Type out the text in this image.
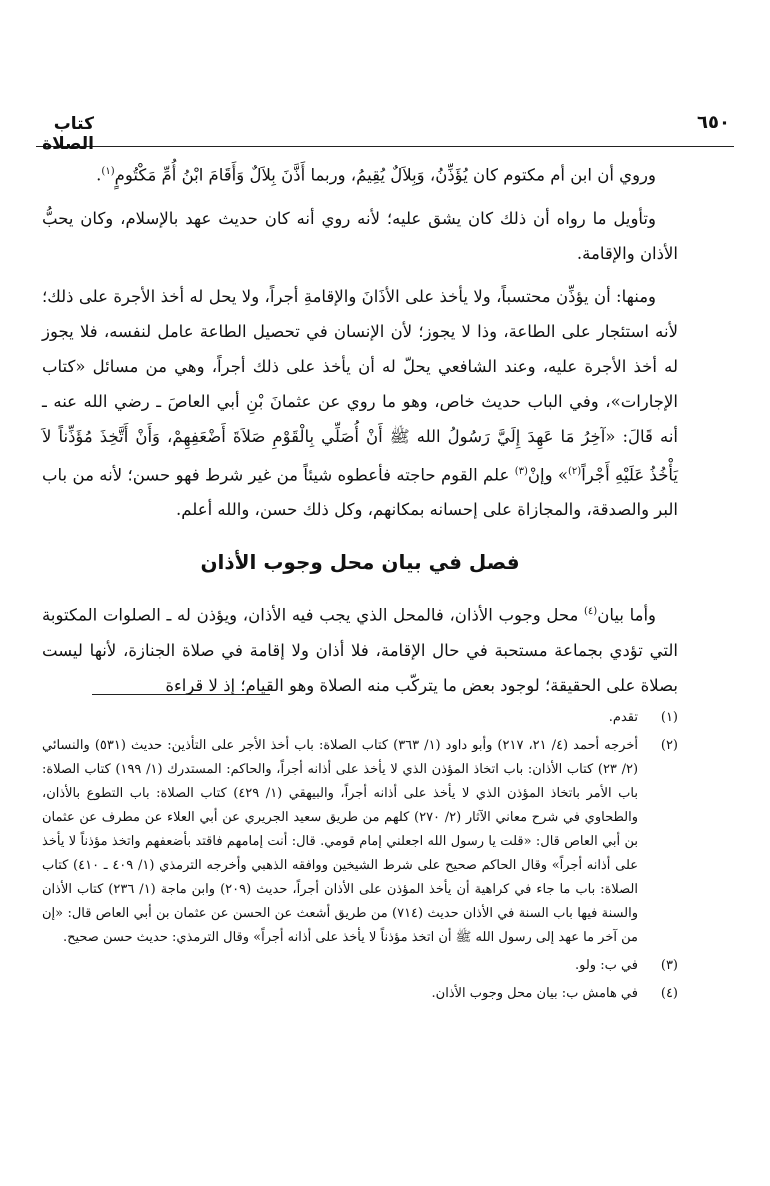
٦٥٠
كتاب الصلاة

وروي أن ابن أم مكتوم كان يُؤَذِّنُ، وَبِلاَلٌ يُقِيمُ، وربما أَذَّنَ بِلاَلٌ وَأَقَامَ ابْنُ أُمِّ مَكْتُومٍ$^{(١)}$.

وتأويل ما رواه أن ذلك كان يشق عليه؛ لأنه روي أنه كان حديث عهد بالإسلام، وكان يحبُّ الأذان والإقامة.

ومنها: أن يؤذِّن محتسباً، ولا يأخذ على الأذَانَ والإقامةِ أجراً، ولا يحل له أخذ الأجرة على ذلك؛ لأنه استئجار على الطاعة، وذا لا يجوز؛ لأن الإنسان في تحصيل الطاعة عامل لنفسه، فلا يجوز له أخذ الأجرة عليه، وعند الشافعي يحلّ له أن يأخذ على ذلك أجراً، وهي من مسائل «كتاب الإجارات»، وفي الباب حديث خاص، وهو ما روي عن عثمانَ بْنِ أبي العاصَ ـ رضي الله عنه ـ أنه قَالَ: «آخِرُ مَا عَهِدَ إِلَيَّ رَسُولُ الله ﷺ أَنْ أُصَلِّي بِالْقَوْمِ صَلاَةَ أَضْعَفِهِمْ، وَأَنْ أَتَّخِذَ مُؤَذِّناً لاَ يَأْخُذُ عَلَيْهِ أَجْراً$^{(٢)}$» وإنْ$^{(٣)}$ علم القوم حاجته فأعطوه شيئاً من غير شرط فهو حسن؛ لأنه من باب البر والصدقة، والمجازاة على إحسانه بمكانهم، وكل ذلك حسن، والله أعلم.

فصل في بيان محل وجوب الأذان

وأما بيان$^{(٤)}$ محل وجوب الأذان، فالمحل الذي يجب فيه الأذان، ويؤذن له ـ الصلوات المكتوبة التي تؤدي بجماعة مستحبة في حال الإقامة، فلا أذان ولا إقامة في صلاة الجنازة، لأنها ليست بصلاة على الحقيقة؛ لوجود بعض ما يتركّب منه الصلاة وهو القيام؛ إذ لا قراءة

(١)
تقدم.
(٢)
أخرجه أحمد (٤/ ٢١، ٢١٧) وأبو داود (١/ ٣٦٣) كتاب الصلاة: باب أخذ الأجر على التأذين: حديث (٥٣١) والنسائي (٢/ ٢٣) كتاب الأذان: باب اتخاذ المؤذن الذي لا يأخذ على أذانه أجراً، والحاكم: المستدرك (١/ ١٩٩) كتاب الصلاة: باب الأمر باتخاذ المؤذن الذي لا يأخذ على أذانه أجراً، والبيهقي (١/ ٤٢٩) كتاب الصلاة: باب التطوع بالأذان، والطحاوي في شرح معاني الآثار (٢/ ٢٧٠) كلهم من طريق سعيد الجريري عن أبي العلاء عن مطرف عن عثمان بن أبي العاص قال: «قلت يا رسول الله اجعلني إمام قومي. قال: أنت إمامهم فاقتد بأضعفهم واتخذ مؤذناً لا يأخذ على أذانه أجراً» وقال الحاكم صحيح على شرط الشيخين ووافقه الذهبي وأخرجه الترمذي (١/ ٤٠٩ ـ ٤١٠) كتاب الصلاة: باب ما جاء في كراهية أن يأخذ المؤذن على الأذان أجراً، حديث (٢٠٩) وابن ماجة (١/ ٢٣٦) كتاب الأذان والسنة فيها باب السنة في الأذان حديث (٧١٤) من طريق أشعث عن الحسن عن عثمان بن أبي العاص قال: «إن من آخر ما عهد إلى رسول الله ﷺ أن اتخذ مؤذناً لا يأخذ على أذانه أجراً» وقال الترمذي: حديث حسن صحيح.
(٣)
في ب: ولو.
(٤)
في هامش ب: بيان محل وجوب الأذان.
